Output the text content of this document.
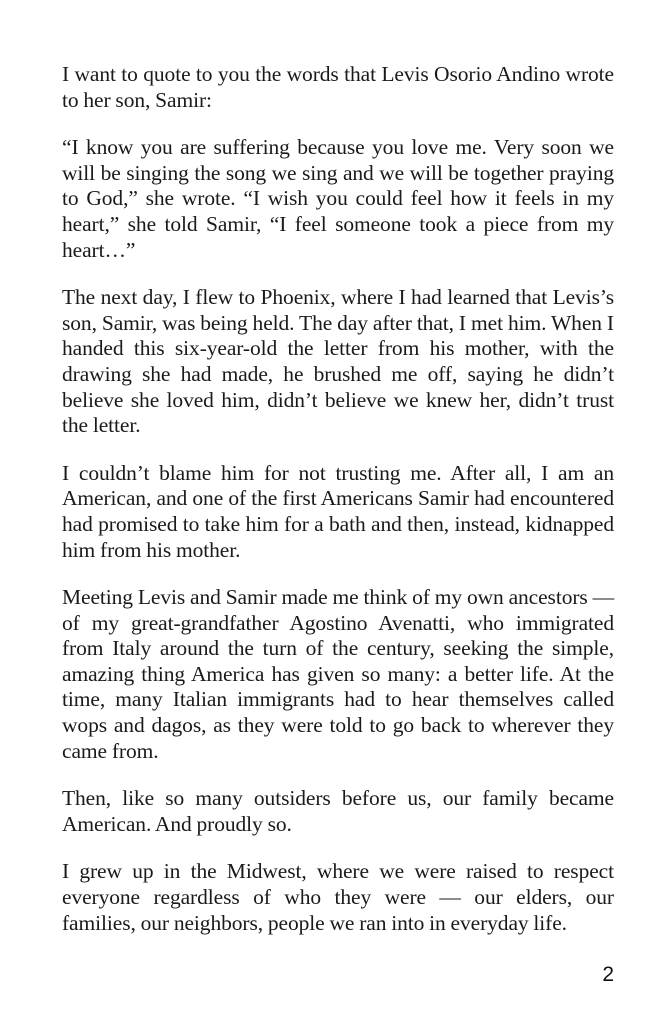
I want to quote to you the words that Levis Osorio Andino wrote to her son, Samir:

“I know you are suffering because you love me. Very soon we will be singing the song we sing and we will be together praying to God,” she wrote. “I wish you could feel how it feels in my heart,” she told Samir, “I feel someone took a piece from my heart…”

The next day, I flew to Phoenix, where I had learned that Levis’s son, Samir, was being held. The day after that, I met him. When I handed this six-year-old the letter from his mother, with the drawing she had made, he brushed me off, saying he didn’t believe she loved him, didn’t believe we knew her, didn’t trust the letter.

I couldn’t blame him for not trusting me. After all, I am an American, and one of the first Americans Samir had encountered had promised to take him for a bath and then, instead, kidnapped him from his mother.

Meeting Levis and Samir made me think of my own ancestors — of my great-grandfather Agostino Avenatti, who immigrated from Italy around the turn of the century, seeking the simple, amazing thing America has given so many: a better life. At the time, many Italian immigrants had to hear themselves called wops and dagos, as they were told to go back to wherever they came from.

Then, like so many outsiders before us, our family became American. And proudly so.

I grew up in the Midwest, where we were raised to respect everyone regardless of who they were — our elders, our families, our neighbors, people we ran into in everyday life.

2
